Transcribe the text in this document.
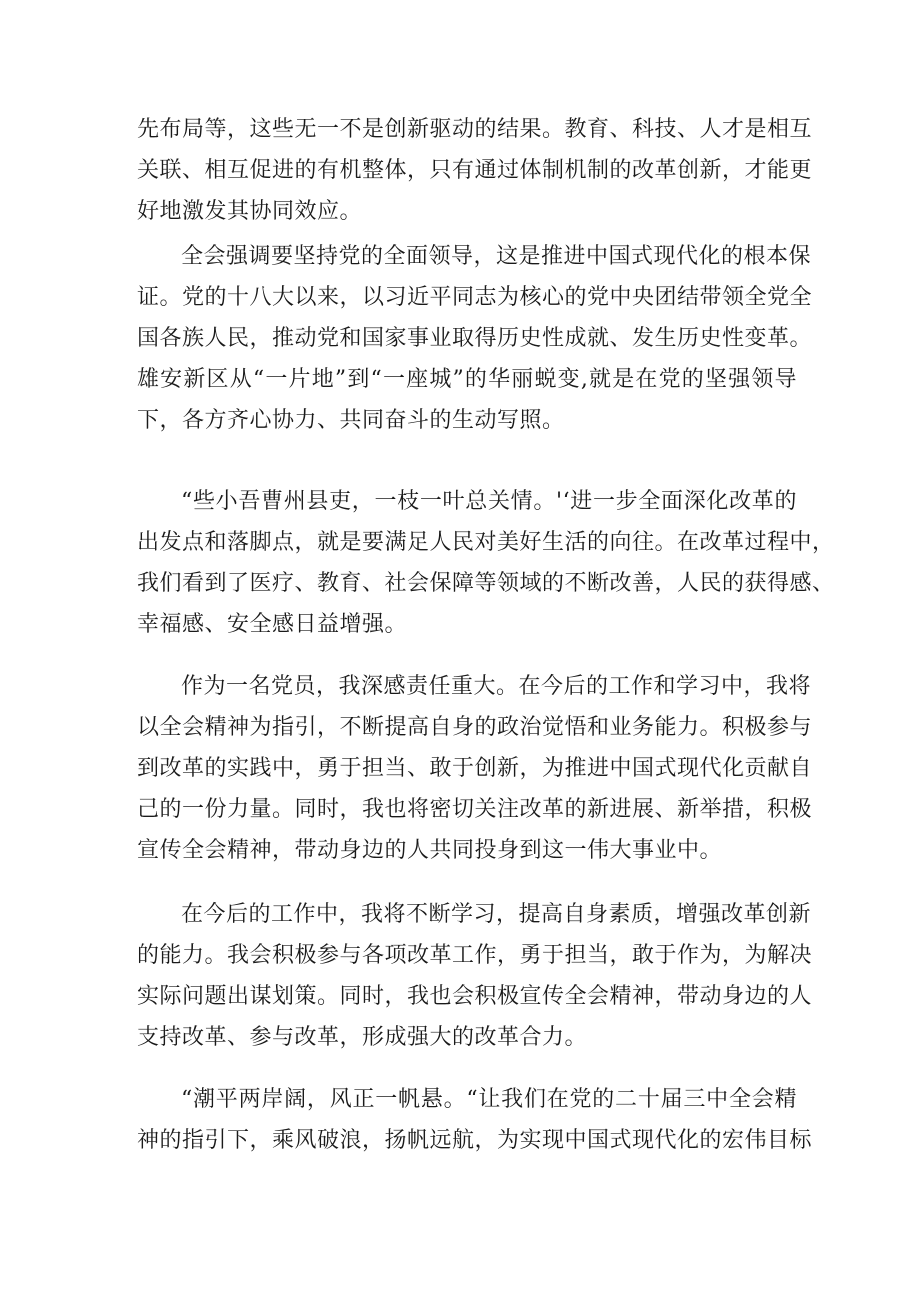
先布局等，这些无一不是创新驱动的结果。教育、科技、人才是相互
关联、相互促进的有机整体，只有通过体制机制的改革创新，才能更
好地激发其协同效应。
全会强调要坚持党的全面领导，这是推进中国式现代化的根本保
证。党的十八大以来，以习近平同志为核心的党中央团结带领全党全
国各族人民，推动党和国家事业取得历史性成就、发生历史性变革。
雄安新区从“一片地”到“一座城”的华丽蜕变,就是在党的坚强领导
下，各方齐心协力、共同奋斗的生动写照。
“些小吾曹州县吏，一枝一叶总关情。'‘进一步全面深化改革的
出发点和落脚点，就是要满足人民对美好生活的向往。在改革过程中，
我们看到了医疗、教育、社会保障等领域的不断改善，人民的获得感、
幸福感、安全感日益增强。
作为一名党员，我深感责任重大。在今后的工作和学习中，我将
以全会精神为指引，不断提高自身的政治觉悟和业务能力。积极参与
到改革的实践中，勇于担当、敢于创新，为推进中国式现代化贡献自
己的一份力量。同时，我也将密切关注改革的新进展、新举措，积极
宣传全会精神，带动身边的人共同投身到这一伟大事业中。
在今后的工作中，我将不断学习，提高自身素质，增强改革创新
的能力。我会积极参与各项改革工作，勇于担当，敢于作为，为解决
实际问题出谋划策。同时，我也会积极宣传全会精神，带动身边的人
支持改革、参与改革，形成强大的改革合力。
“潮平两岸阔，风正一帆悬。“让我们在党的二十届三中全会精
神的指引下，乘风破浪，扬帆远航，为实现中国式现代化的宏伟目标
